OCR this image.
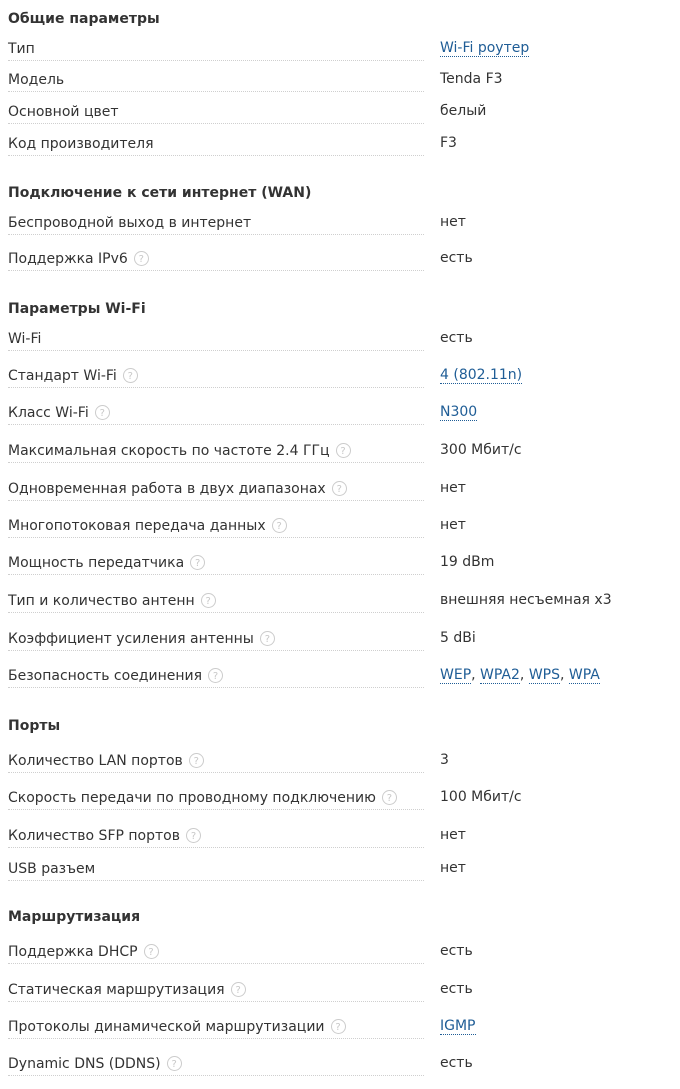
Общие параметры
Тип	Wi-Fi роутер
Модель	Tenda F3
Основной цвет	белый
Код производителя	F3
Подключение к сети интернет (WAN)
Беспроводной выход в интернет	нет
Поддержка IPv6 ?	есть
Параметры Wi-Fi
Wi-Fi	есть
Стандарт Wi-Fi ?	4 (802.11n)
Класс Wi-Fi ?	N300
Максимальная скорость по частоте 2.4 ГГц ?	300 Мбит/с
Одновременная работа в двух диапазонах ?	нет
Многопотоковая передача данных ?	нет
Мощность передатчика ?	19 dBm
Тип и количество антенн ?	внешняя несъемная x3
Коэффициент усиления антенны ?	5 dBi
Безопасность соединения ?	WEP, WPA2, WPS, WPA
Порты
Количество LAN портов ?	3
Скорость передачи по проводному подключению ?	100 Мбит/с
Количество SFP портов ?	нет
USB разъем	нет
Маршрутизация
Поддержка DHCP ?	есть
Статическая маршрутизация ?	есть
Протоколы динамической маршрутизации ?	IGMP
Dynamic DNS (DDNS) ?	есть
